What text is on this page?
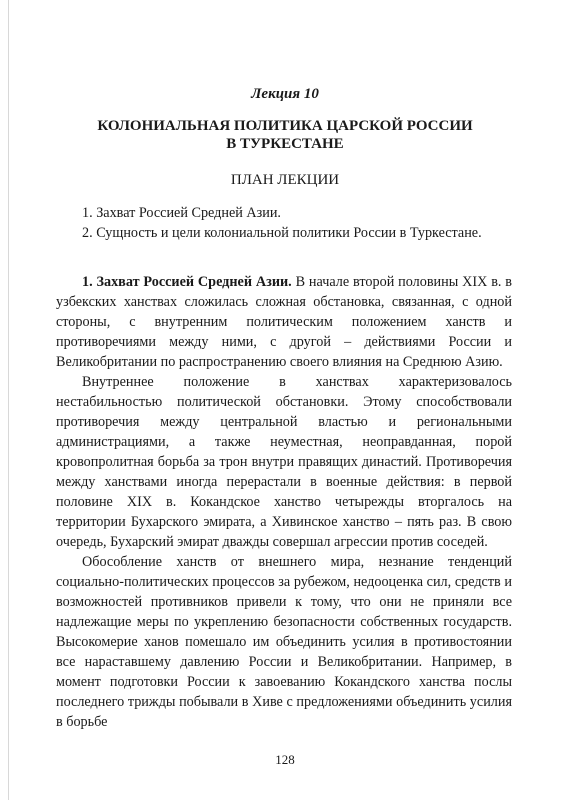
Лекция 10
КОЛОНИАЛЬНАЯ ПОЛИТИКА ЦАРСКОЙ РОССИИ
В ТУРКЕСТАНЕ
ПЛАН ЛЕКЦИИ
1. Захват Россией Средней Азии.
2. Сущность и цели колониальной политики России в Туркестане.

1. Захват Россией Средней Азии. В начале второй половины XIX в. в узбекских ханствах сложилась сложная обстановка, связанная, с одной стороны, с внутренним политическим положением ханств и противоречиями между ними, с другой – действиями России и Великобритании по распространению своего влияния на Среднюю Азию.

Внутреннее положение в ханствах характеризовалось нестабильностью политической обстановки. Этому способствовали противоречия между центральной властью и региональными администрациями, а также неуместная, неоправданная, порой кровопролитная борьба за трон внутри правящих династий. Противоречия между ханствами иногда перерастали в военные действия: в первой половине XIX в. Кокандское ханство четырежды вторгалось на территории Бухарского эмирата, а Хивинское ханство – пять раз. В свою очередь, Бухарский эмират дважды совершал агрессии против соседей.

Обособление ханств от внешнего мира, незнание тенденций социально-политических процессов за рубежом, недооценка сил, средств и возможностей противников привели к тому, что они не приняли все надлежащие меры по укреплению безопасности собственных государств. Высокомерие ханов помешало им объединить усилия в противостоянии все нараставшему давлению России и Великобритании. Например, в момент подготовки России к завоеванию Кокандского ханства послы последнего трижды побывали в Хиве с предложениями объединить усилия в борьбе

128
